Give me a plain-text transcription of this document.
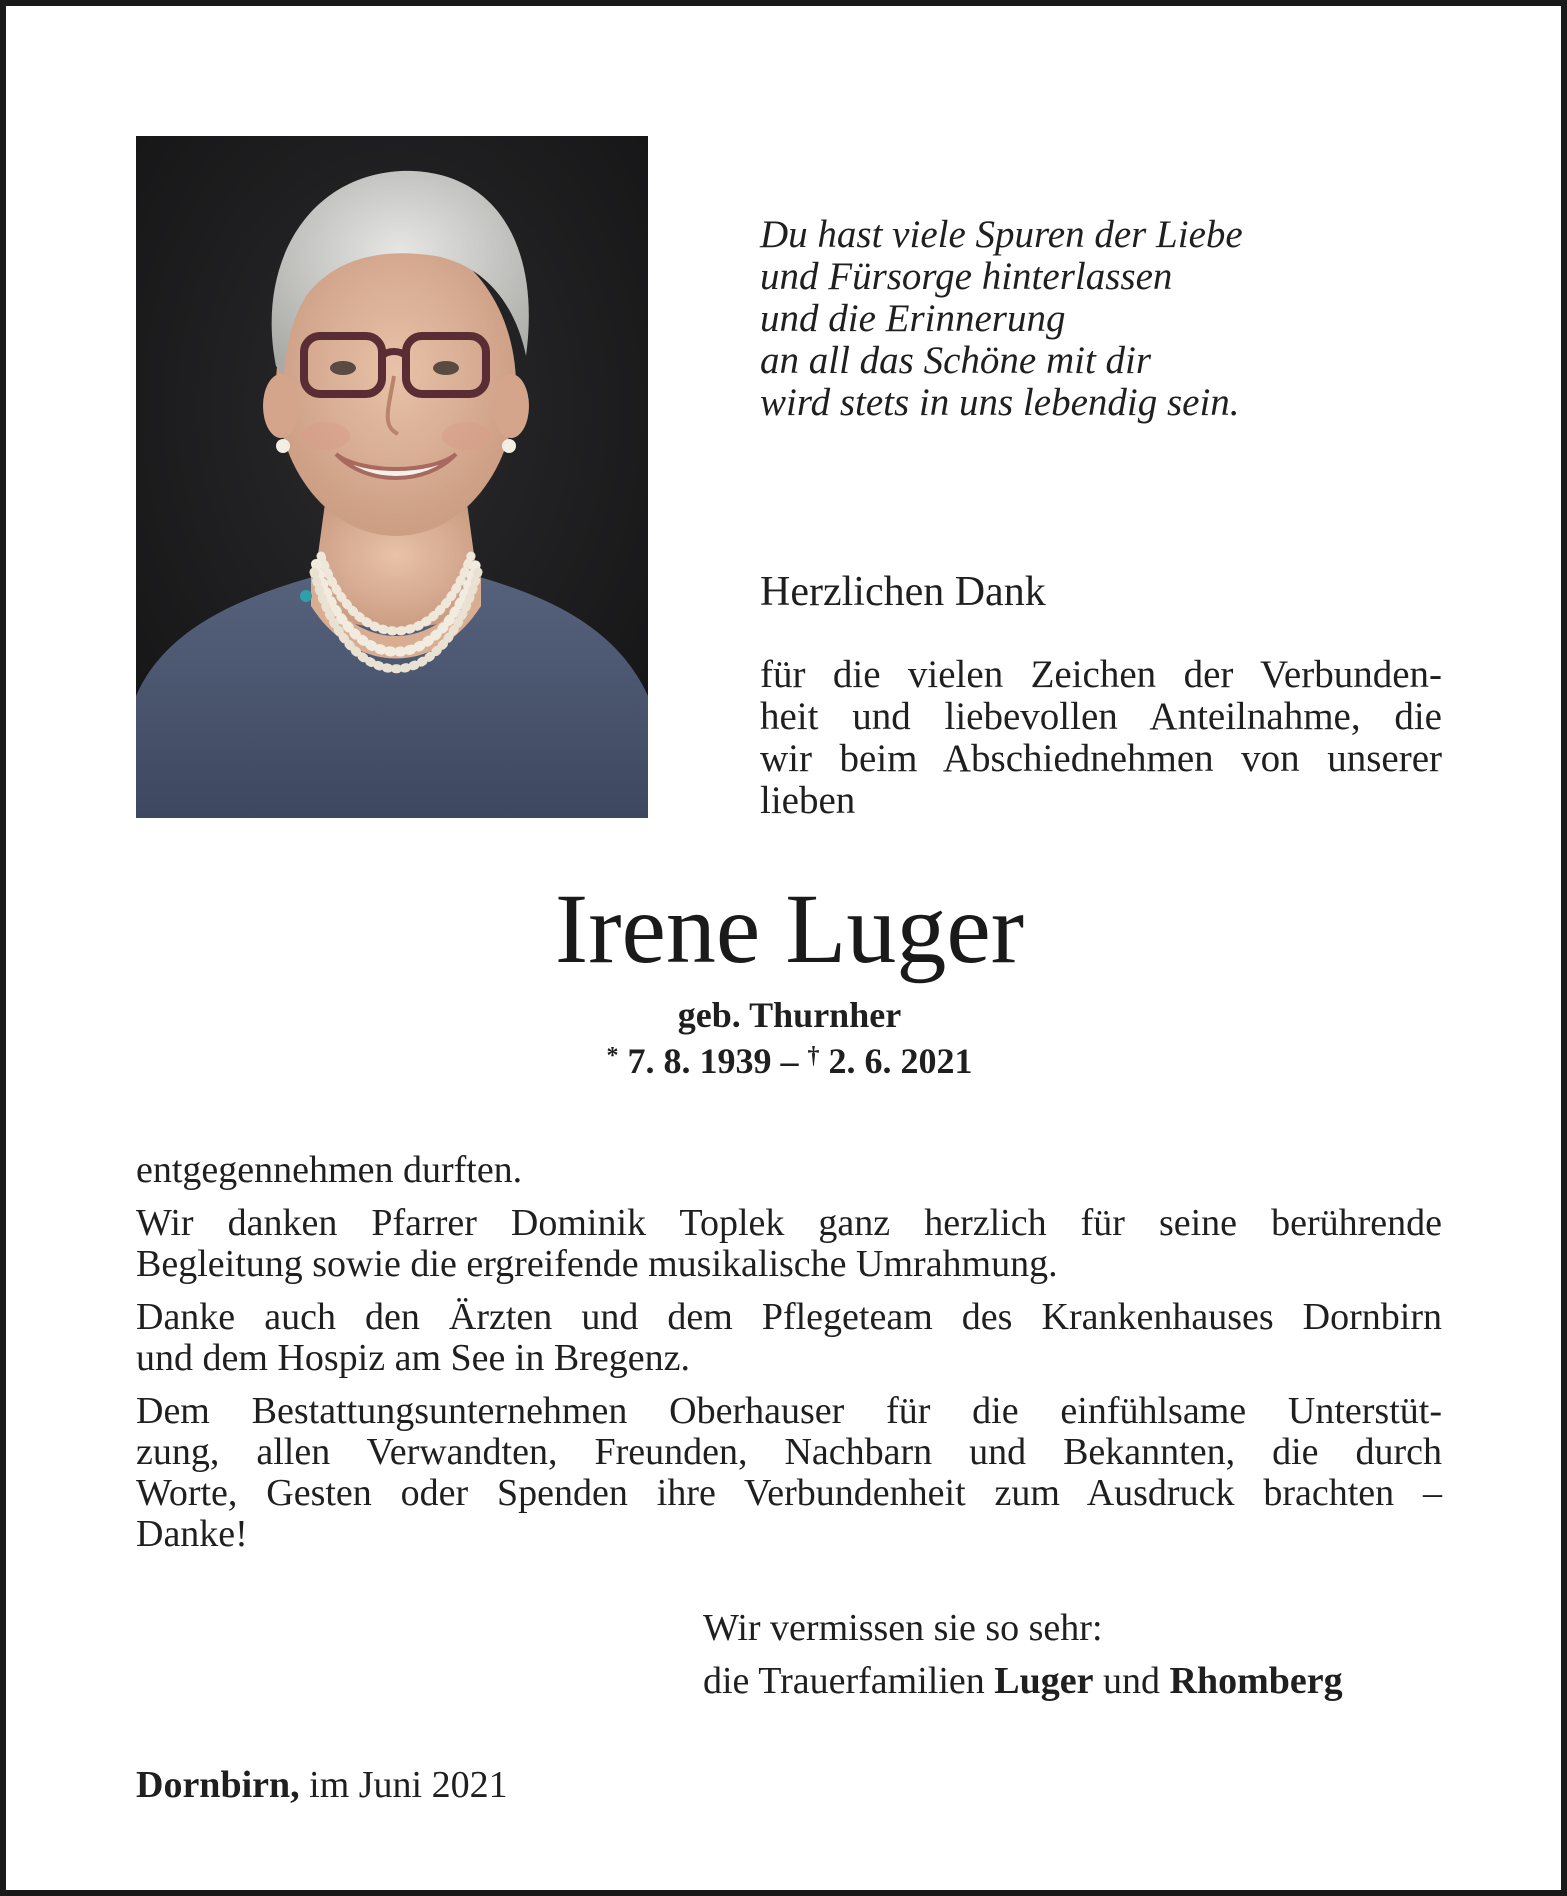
Du hast viele Spuren der Liebe
und Fürsorge hinterlassen
und die Erinnerung
an all das Schöne mit dir
wird stets in uns lebendig sein.
Herzlichen Dank
für die vielen Zeichen der Verbunden-
heit und liebevollen Anteilnahme, die
wir beim Abschiednehmen von unserer
lieben
Irene Luger
geb. Thurnher
* 7. 8. 1939 – † 2. 6. 2021
entgegennehmen durften.
Wir danken Pfarrer Dominik Toplek ganz herzlich für seine berührende
Begleitung sowie die ergreifende musikalische Umrahmung.
Danke auch den Ärzten und dem Pflegeteam des Krankenhauses Dornbirn
und dem Hospiz am See in Bregenz.
Dem Bestattungsunternehmen Oberhauser für die einfühlsame Unterstüt-
zung, allen Verwandten, Freunden, Nachbarn und Bekannten, die durch
Worte, Gesten oder Spenden ihre Verbundenheit zum Ausdruck brachten –
Danke!
Wir vermissen sie so sehr:
die Trauerfamilien Luger und Rhomberg
Dornbirn, im Juni 2021
